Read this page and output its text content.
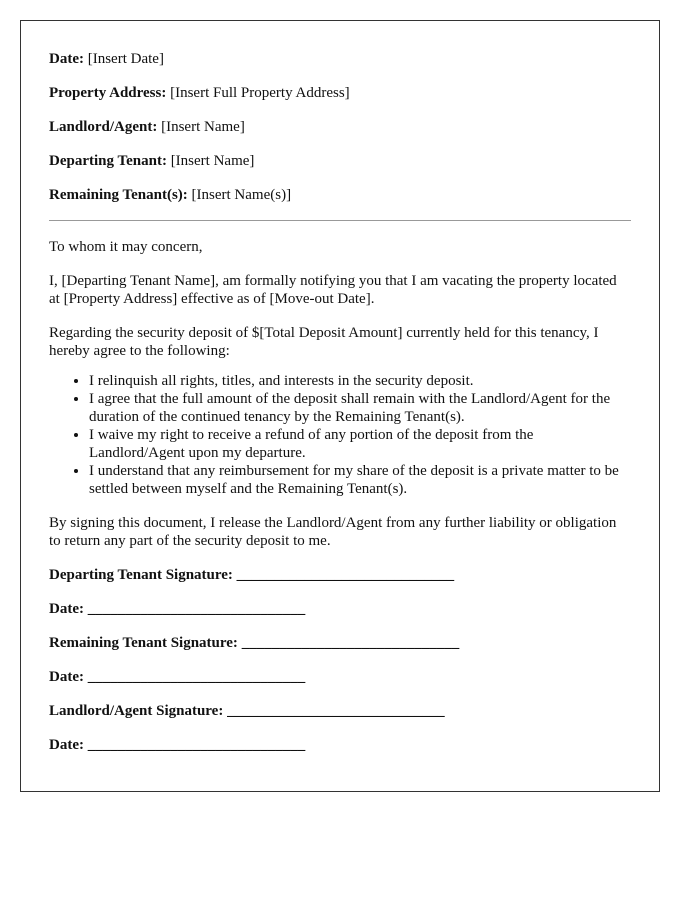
Date: [Insert Date]
Property Address: [Insert Full Property Address]
Landlord/Agent: [Insert Name]
Departing Tenant: [Insert Name]
Remaining Tenant(s): [Insert Name(s)]

To whom it may concern,

I, [Departing Tenant Name], am formally notifying you that I am vacating the property located at [Property Address] effective as of [Move-out Date].

Regarding the security deposit of $[Total Deposit Amount] currently held for this tenancy, I hereby agree to the following:

• I relinquish all rights, titles, and interests in the security deposit.
• I agree that the full amount of the deposit shall remain with the Landlord/Agent for the duration of the continued tenancy by the Remaining Tenant(s).
• I waive my right to receive a refund of any portion of the deposit from the Landlord/Agent upon my departure.
• I understand that any reimbursement for my share of the deposit is a private matter to be settled between myself and the Remaining Tenant(s).

By signing this document, I release the Landlord/Agent from any further liability or obligation to return any part of the security deposit to me.

Departing Tenant Signature: _____________________________
Date: _____________________________
Remaining Tenant Signature: _____________________________
Date: _____________________________
Landlord/Agent Signature: _____________________________
Date: _____________________________
